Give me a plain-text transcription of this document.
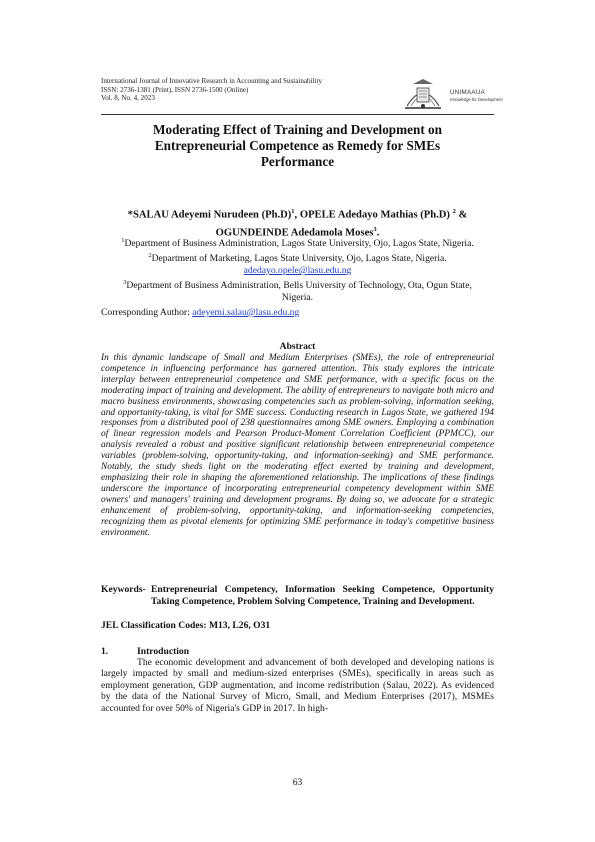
International Journal of Innovative Research in Accounting and Sustainability
ISSN: 2736-1381 (Print), ISSN 2736-1500 (Online)
Vol. 8, No. 4, 2023
UNIMAAUA
Knowledge for Development
Moderating Effect of Training and Development on
Entrepreneurial Competence as Remedy for SMEs
Performance
*SALAU Adeyemi Nurudeen $(Ph.D)^1$, OPELE Adedayo Mathias (Ph.D) $^2$ &
OGUNDEINDE Adedamola Moses$^3$.
$^1$Department of Business Administration, Lagos State University, Ojo, Lagos State, Nigeria.
$^2$Department of Marketing, Lagos State University, Ojo, Lagos State, Nigeria.
adedayo.opele@lasu.edu.ng
$^3$Department of Business Administration, Bells University of Technology, Ota, Ogun State,
Nigeria.
Corresponding Author: adeyemi.salau@lasu.edu.ng
Abstract
In this dynamic landscape of Small and Medium Enterprises (SMEs), the role of entrepreneurial competence in influencing performance has garnered attention. This study explores the intricate interplay between entrepreneurial competence and SME performance, with a specific focus on the moderating impact of training and development. The ability of entrepreneurs to navigate both micro and macro business environments, showcasing competencies such as problem-solving, information seeking, and opportunity-taking, is vital for SME success. Conducting research in Lagos State, we gathered 194 responses from a distributed pool of 238 questionnaires among SME owners. Employing a combination of linear regression models and Pearson Product-Moment Correlation Coefficient (PPMCC), our analysis revealed a robust and positive significant relationship between entrepreneurial competence variables (problem-solving, opportunity-taking, and information-seeking) and SME performance. Notably, the study sheds light on the moderating effect exerted by training and development, emphasizing their role in shaping the aforementioned relationship. The implications of these findings underscore the importance of incorporating entrepreneurial competency development within SME owners' and managers' training and development programs. By doing so, we advocate for a strategic enhancement of problem-solving, opportunity-taking, and information-seeking competencies, recognizing them as pivotal elements for optimizing SME performance in today's competitive business environment.
Keywords- Entrepreneurial Competency, Information Seeking Competence, Opportunity Taking Competence, Problem Solving Competence, Training and Development.
JEL Classification Codes: M13, L26, O31
1.	Introduction
The economic development and advancement of both developed and developing nations is largely impacted by small and medium-sized enterprises (SMEs), specifically in areas such as employment generation, GDP augmentation, and income redistribution (Salau, 2022). As evidenced by the data of the National Survey of Micro, Small, and Medium Enterprises (2017), MSMEs accounted for over 50% of Nigeria's GDP in 2017. In high-
63
